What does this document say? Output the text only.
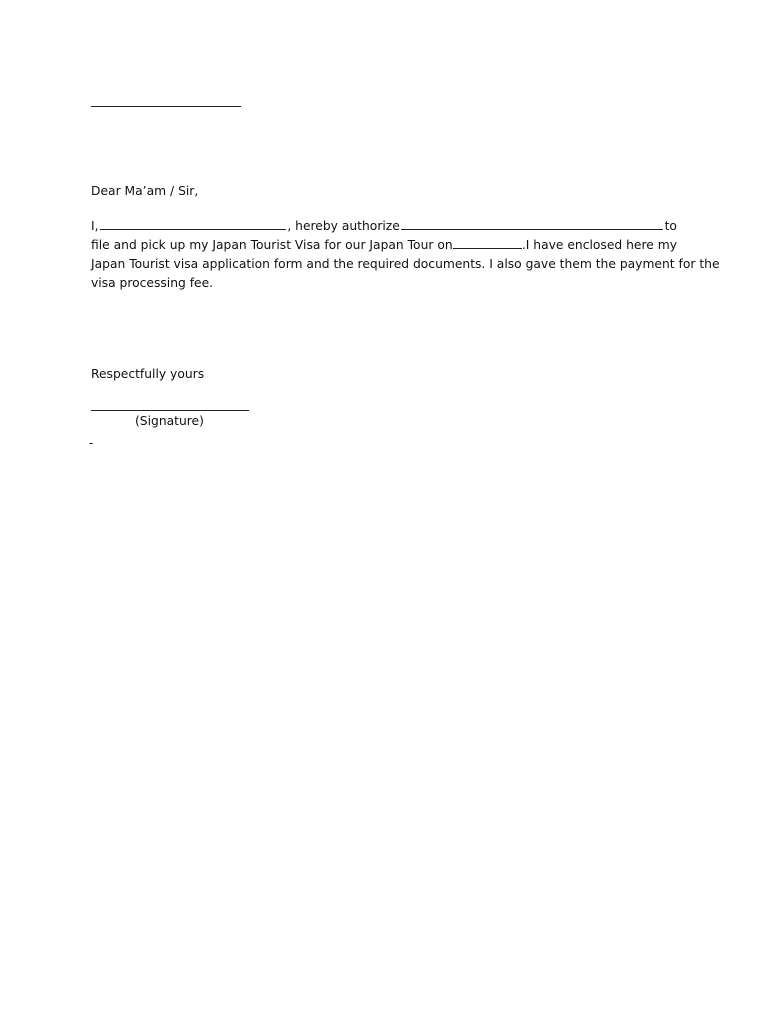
Dear Ma’am / Sir,
I,	, hereby authorize	to
file and pick up my Japan Tourist Visa for our Japan Tour on	.I have enclosed here my
Japan Tourist visa application form and the required documents. I also gave them the payment for the
visa processing fee.
Respectfully yours
(Signature)
-
